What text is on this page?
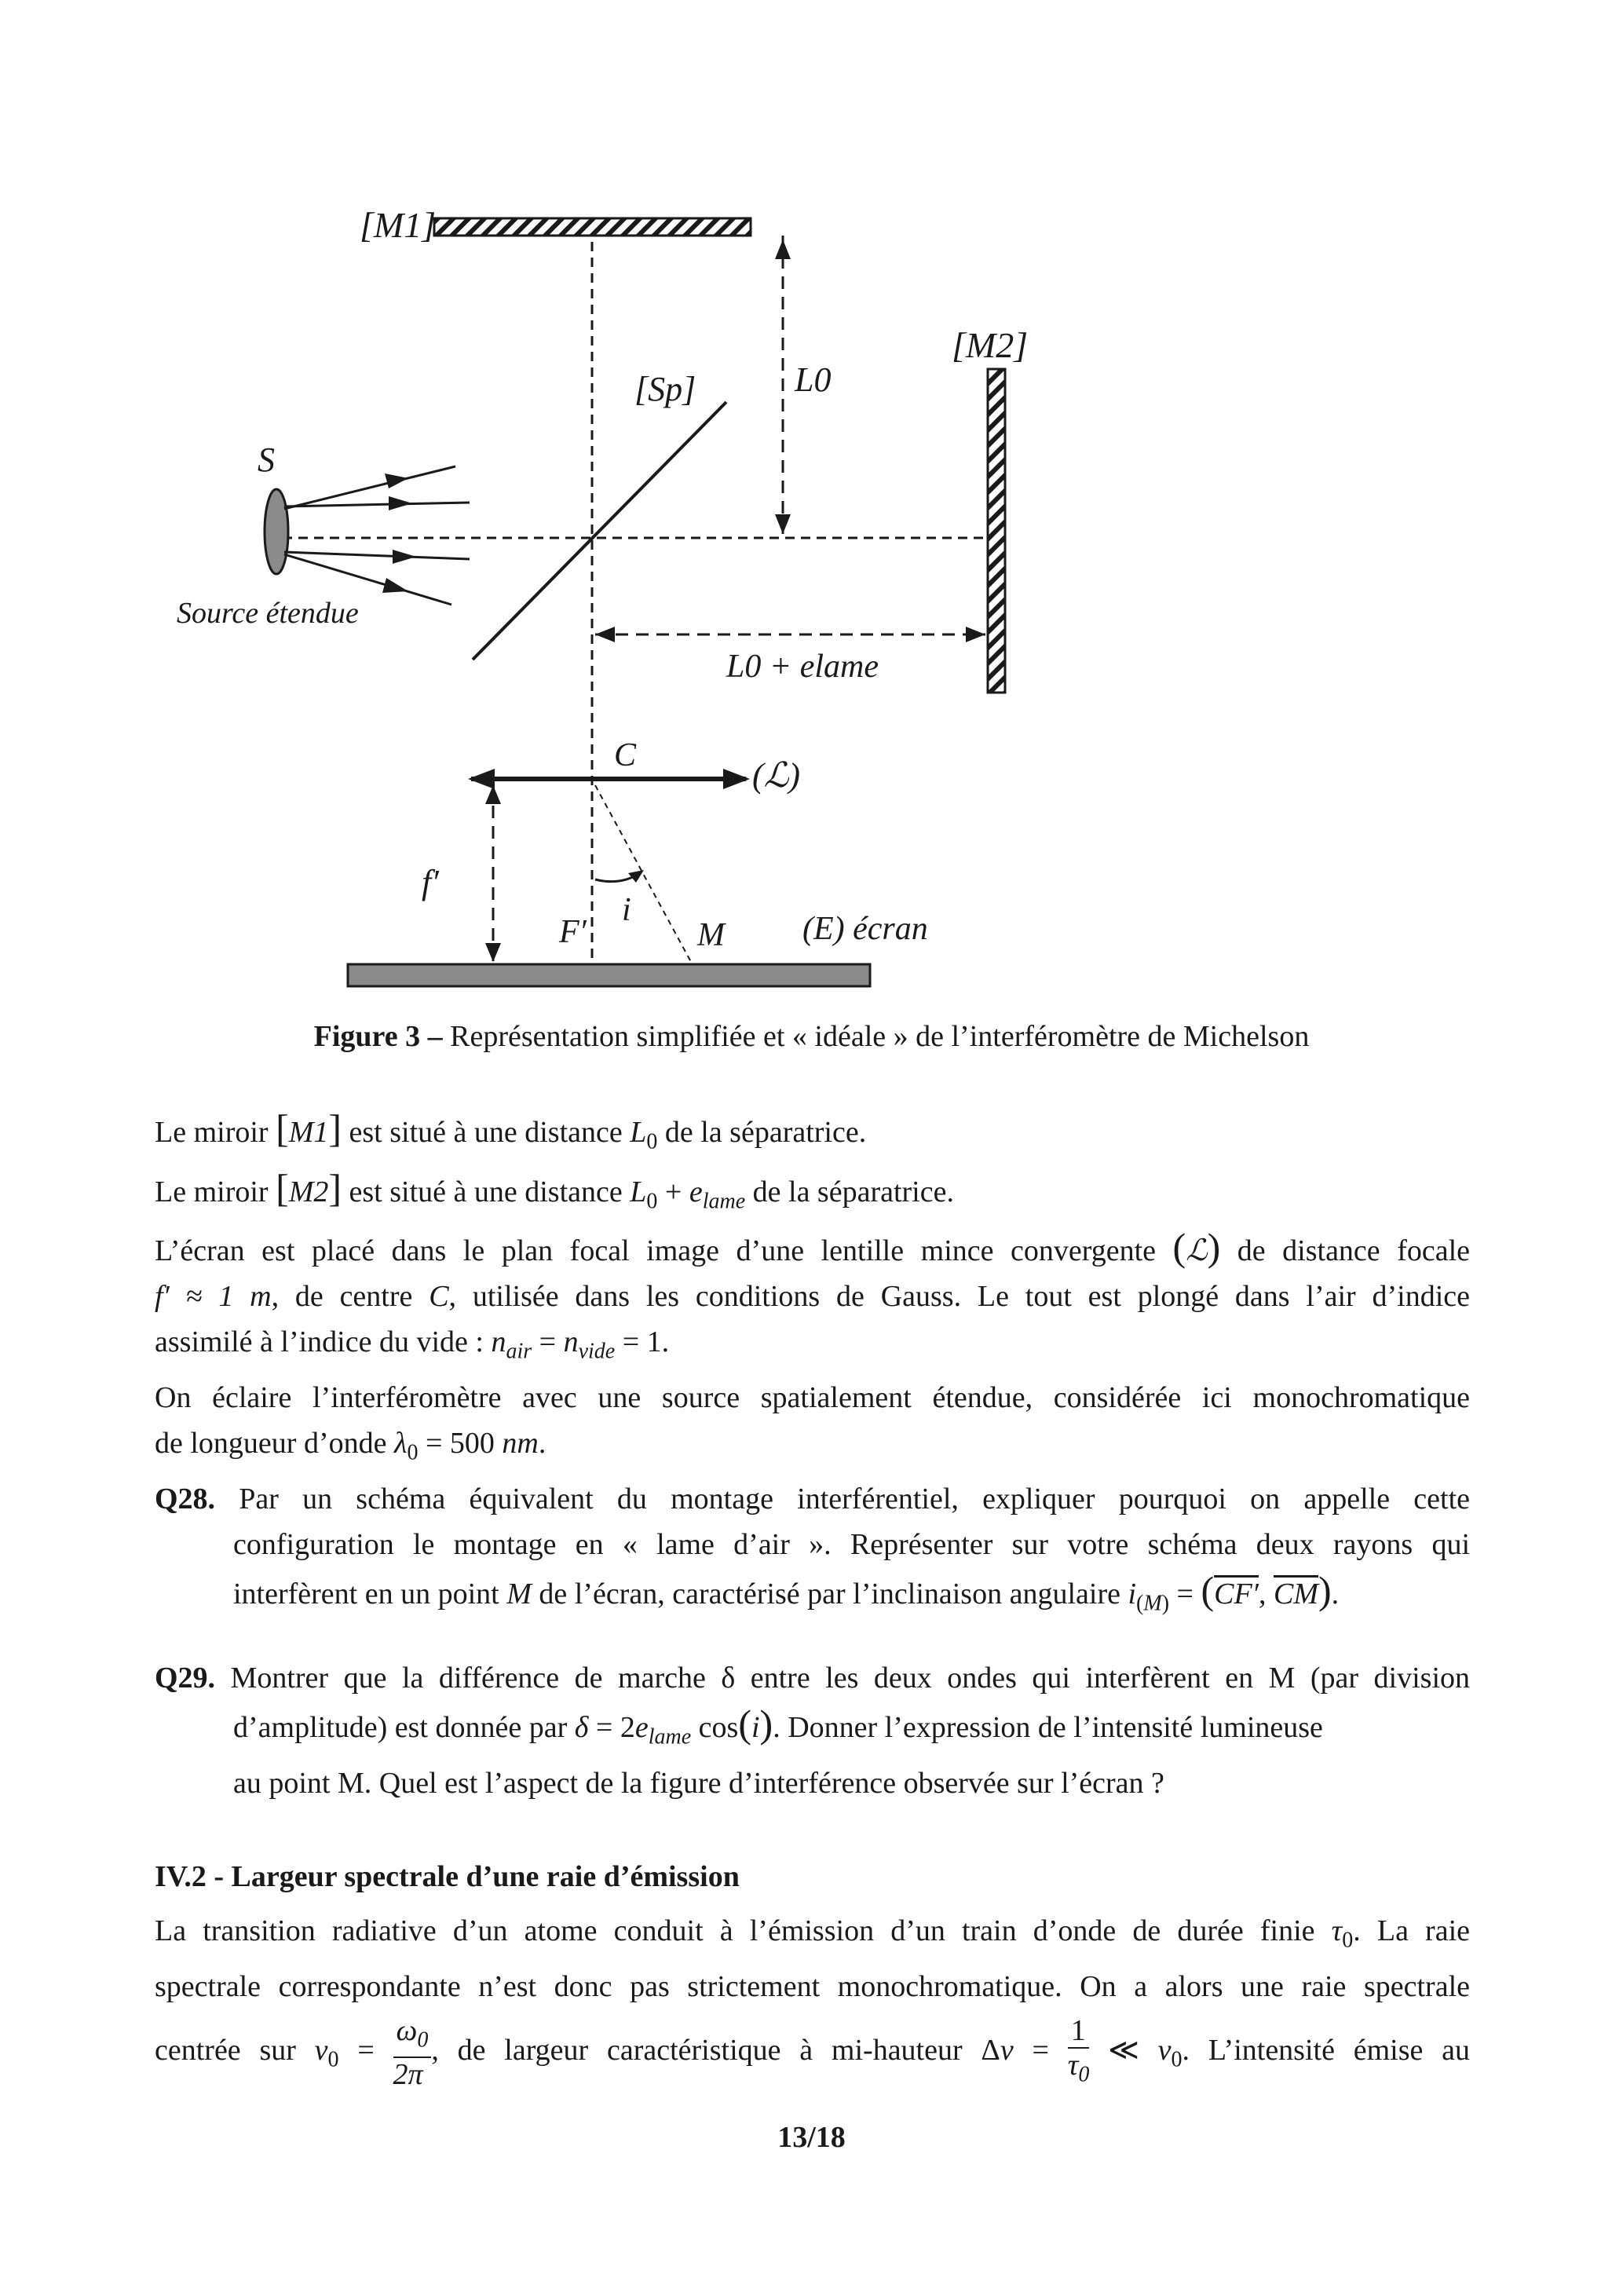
[M1]
[M2]
L0
[Sp]
S
Source étendue
L0 + elame
C
(ℒ)
f′
i
F′	M (E) écran
Figure 3 – Représentation simplifiée et « idéale » de l’interféromètre de Michelson
Le miroir [M1] est situé à une distance $L_0$ de la séparatrice.
Le miroir [M2] est situé à une distance $L_0 + e_{lame}$ de la séparatrice.
L’écran est placé dans le plan focal image d’une lentille mince convergente (ℒ) de distance focale
f′ ≈ 1 m, de centre C, utilisée dans les conditions de Gauss. Le tout est plongé dans l’air d’indice
assimilé à l’indice du vide : $n_{air} = n_{vide} = 1$.
On éclaire l’interféromètre avec une source spatialement étendue, considérée ici monochromatique
de longueur d’onde $\lambda_0 = 500$ nm.
Q28. Par un schéma équivalent du montage interférentiel, expliquer pourquoi on appelle cette
configuration le montage en « lame d’air ». Représenter sur votre schéma deux rayons qui
interfèrent en un point M de l’écran, caractérisé par l’inclinaison angulaire $i_{(M)} = (CF'$, $\overline{CM}$).
Q29. Montrer que la différence de marche δ entre les deux ondes qui interfèrent en M (par division
d’amplitude) est donnée par $\delta = 2e_{lame}$ cos(i). Donner l’expression de l’intensité lumineuse
au point M. Quel est l’aspect de la figure d’interférence observée sur l’écran ?
IV.2 - Largeur spectrale d’une raie d’émission
La transition radiative d’un atome conduit à l’émission d’un train d’onde de durée finie $\tau_0$. La raie
spectrale correspondante n’est donc pas strictement monochromatique. On a alors une raie spectrale
centrée sur $\nu_0 = \frac{\omega_0}{2\pi}$ , de largeur caractéristique à mi-hauteur $\Delta\nu = \frac{1}{\tau_0}$ ≪ $\nu_0$. L’intensité émise au
13/18
